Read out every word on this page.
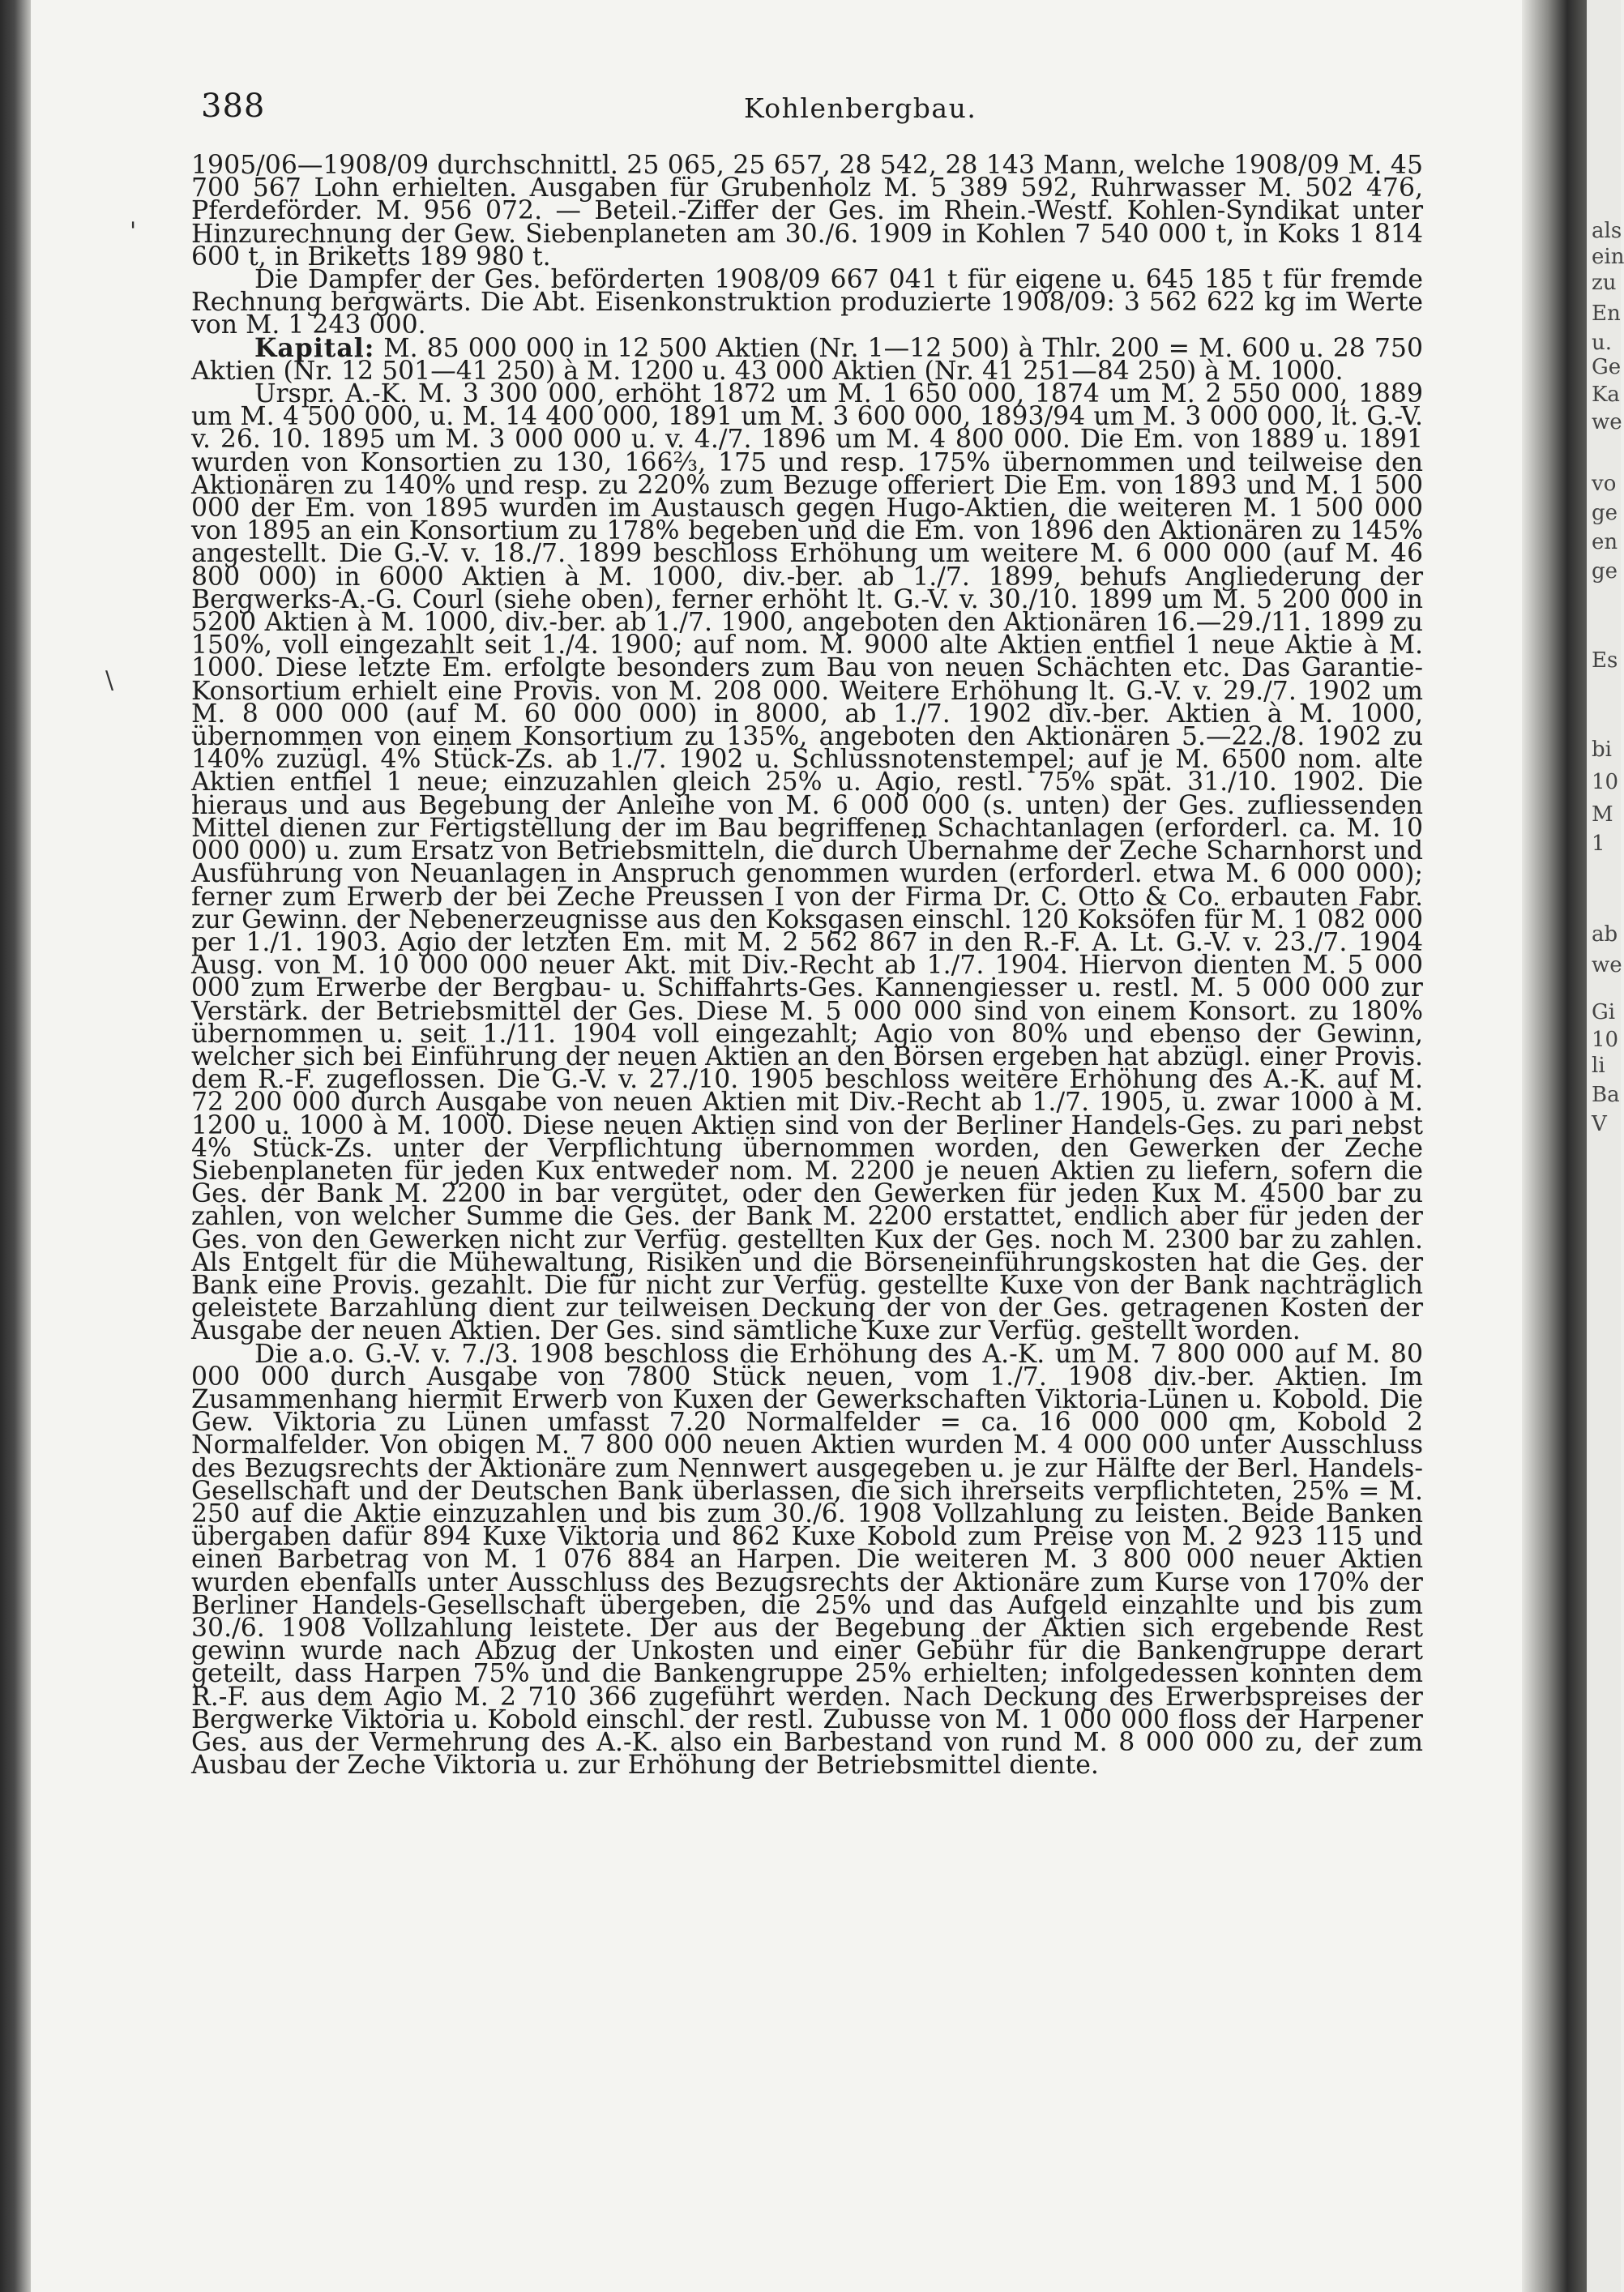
388	Kohlenbergbau.
'
\

1905/06—1908/09 durchschnittl. 25 065, 25 657, 28 542, 28 143 Mann, welche 1908/09 M. 45 700 567 Lohn erhielten. Ausgaben für Grubenholz M. 5 389 592, Ruhrwasser M. 502 476, Pferdeförder. M. 956 072. — Beteil.-Ziffer der Ges. im Rhein.-Westf. Kohlen-Syndikat unter Hinzurechnung der Gew. Siebenplaneten am 30./6. 1909 in Kohlen 7 540 000 t, in Koks 1 814 600 t, in Briketts 189 980 t.

Die Dampfer der Ges. beförderten 1908/09 667 041 t für eigene u. 645 185 t für fremde Rechnung bergwärts. Die Abt. Eisenkonstruktion produzierte 1908/09: 3 562 622 kg im Werte von M. 1 243 000.

Kapital: M. 85 000 000 in 12 500 Aktien (Nr. 1—12 500) à Thlr. 200 = M. 600 u. 28 750 Aktien (Nr. 12 501—41 250) à M. 1200 u. 43 000 Aktien (Nr. 41 251—84 250) à M. 1000.

Urspr. A.-K. M. 3 300 000, erhöht 1872 um M. 1 650 000, 1874 um M. 2 550 000, 1889 um M. 4 500 000, u. M. 14 400 000, 1891 um M. 3 600 000, 1893/94 um M. 3 000 000, lt. G.-V. v. 26. 10. 1895 um M. 3 000 000 u. v. 4./7. 1896 um M. 4 800 000. Die Em. von 1889 u. 1891 wurden von Konsortien zu 130, 166⅔, 175 und resp. 175% übernommen und teilweise den Aktionären zu 140% und resp. zu 220% zum Bezuge offeriert Die Em. von 1893 und M. 1 500 000 der Em. von 1895 wurden im Austausch gegen Hugo-Aktien, die weiteren M. 1 500 000 von 1895 an ein Konsortium zu 178% begeben und die Em. von 1896 den Aktionären zu 145% angestellt. Die G.-V. v. 18./7. 1899 beschloss Erhöhung um weitere M. 6 000 000 (auf M. 46 800 000) in 6000 Aktien à M. 1000, div.-ber. ab 1./7. 1899, behufs Angliederung der Bergwerks-A.-G. Courl (siehe oben), ferner erhöht lt. G.-V. v. 30./10. 1899 um M. 5 200 000 in 5200 Aktien à M. 1000, div.-ber. ab 1./7. 1900, angeboten den Aktionären 16.—29./11. 1899 zu 150%, voll eingezahlt seit 1./4. 1900; auf nom. M. 9000 alte Aktien entfiel 1 neue Aktie à M. 1000. Diese letzte Em. erfolgte besonders zum Bau von neuen Schächten etc. Das Garantie-Konsortium erhielt eine Provis. von M. 208 000. Weitere Erhöhung lt. G.-V. v. 29./7. 1902 um M. 8 000 000 (auf M. 60 000 000) in 8000, ab 1./7. 1902 div.-ber. Aktien à M. 1000, übernommen von einem Konsortium zu 135%, angeboten den Aktionären 5.—22./8. 1902 zu 140% zuzügl. 4% Stück-Zs. ab 1./7. 1902 u. Schlussnotenstempel; auf je M. 6500 nom. alte Aktien entfiel 1 neue; einzuzahlen gleich 25% u. Agio, restl. 75% spät. 31./10. 1902. Die hieraus und aus Begebung der Anleihe von M. 6 000 000 (s. unten) der Ges. zufliessenden Mittel dienen zur Fertigstellung der im Bau begriffenen Schachtanlagen (erforderl. ca. M. 10 000 000) u. zum Ersatz von Betriebsmitteln, die durch Übernahme der Zeche Scharnhorst und Ausführung von Neuanlagen in Anspruch genommen wurden (erforderl. etwa M. 6 000 000); ferner zum Erwerb der bei Zeche Preussen I von der Firma Dr. C. Otto & Co. erbauten Fabr. zur Gewinn. der Nebenerzeugnisse aus den Koksgasen einschl. 120 Koksöfen für M. 1 082 000 per 1./1. 1903. Agio der letzten Em. mit M. 2 562 867 in den R.-F. A. Lt. G.-V. v. 23./7. 1904 Ausg. von M. 10 000 000 neuer Akt. mit Div.-Recht ab 1./7. 1904. Hiervon dienten M. 5 000 000 zum Erwerbe der Bergbau- u. Schiffahrts-Ges. Kannengiesser u. restl. M. 5 000 000 zur Verstärk. der Betriebsmittel der Ges. Diese M. 5 000 000 sind von einem Konsort. zu 180% übernommen u. seit 1./11. 1904 voll eingezahlt; Agio von 80% und ebenso der Gewinn, welcher sich bei Einführung der neuen Aktien an den Börsen ergeben hat abzügl. einer Provis. dem R.-F. zugeflossen. Die G.-V. v. 27./10. 1905 beschloss weitere Erhöhung des A.-K. auf M. 72 200 000 durch Ausgabe von neuen Aktien mit Div.-Recht ab 1./7. 1905, u. zwar 1000 à M. 1200 u. 1000 à M. 1000. Diese neuen Aktien sind von der Berliner Handels-Ges. zu pari nebst 4% Stück-Zs. unter der Verpflichtung übernommen worden, den Gewerken der Zeche Siebenplaneten für jeden Kux entweder nom. M. 2200 je neuen Aktien zu liefern, sofern die Ges. der Bank M. 2200 in bar vergütet, oder den Gewerken für jeden Kux M. 4500 bar zu zahlen, von welcher Summe die Ges. der Bank M. 2200 erstattet, endlich aber für jeden der Ges. von den Gewerken nicht zur Verfüg. gestellten Kux der Ges. noch M. 2300 bar zu zahlen. Als Entgelt für die Mühewaltung, Risiken und die Börseneinführungskosten hat die Ges. der Bank eine Provis. gezahlt. Die für nicht zur Verfüg. gestellte Kuxe von der Bank nachträglich geleistete Barzahlung dient zur teilweisen Deckung der von der Ges. getragenen Kosten der Ausgabe der neuen Aktien. Der Ges. sind sämtliche Kuxe zur Verfüg. gestellt worden.

Die a.o. G.-V. v. 7./3. 1908 beschloss die Erhöhung des A.-K. um M. 7 800 000 auf M. 80 000 000 durch Ausgabe von 7800 Stück neuen, vom 1./7. 1908 div.-ber. Aktien. Im Zusammenhang hiermit Erwerb von Kuxen der Gewerkschaften Viktoria-Lünen u. Kobold. Die Gew. Viktoria zu Lünen umfasst 7.20 Normalfelder = ca. 16 000 000 qm, Kobold 2 Normalfelder. Von obigen M. 7 800 000 neuen Aktien wurden M. 4 000 000 unter Ausschluss des Bezugsrechts der Aktionäre zum Nennwert ausgegeben u. je zur Hälfte der Berl. Handels-Gesellschaft und der Deutschen Bank überlassen, die sich ihrerseits verpflichteten, 25% = M. 250 auf die Aktie einzuzahlen und bis zum 30./6. 1908 Vollzahlung zu leisten. Beide Banken übergaben dafür 894 Kuxe Viktoria und 862 Kuxe Kobold zum Preise von M. 2 923 115 und einen Barbetrag von M. 1 076 884 an Harpen. Die weiteren M. 3 800 000 neuer Aktien wurden ebenfalls unter Ausschluss des Bezugsrechts der Aktionäre zum Kurse von 170% der Berliner Handels-Gesellschaft übergeben, die 25% und das Aufgeld einzahlte und bis zum 30./6. 1908 Vollzahlung leistete. Der aus der Begebung der Aktien sich ergebende Rest gewinn wurde nach Abzug der Unkosten und einer Gebühr für die Bankengruppe derart geteilt, dass Harpen 75% und die Bankengruppe 25% erhielten; infolgedessen konnten dem R.-F. aus dem Agio M. 2 710 366 zugeführt werden. Nach Deckung des Erwerbspreises der Bergwerke Viktoria u. Kobold einschl. der restl. Zubusse von M. 1 000 000 floss der Harpener Ges. aus der Vermehrung des A.-K. also ein Barbestand von rund M. 8 000 000 zu, der zum Ausbau der Zeche Viktoria u. zur Erhöhung der Betriebsmittel diente.

als
ein
zu
En
u.
Ge
Ka
we
vo
ge
en
ge
Es
bi
10
M
1
ab
we
Gi
10
li
Ba
V
